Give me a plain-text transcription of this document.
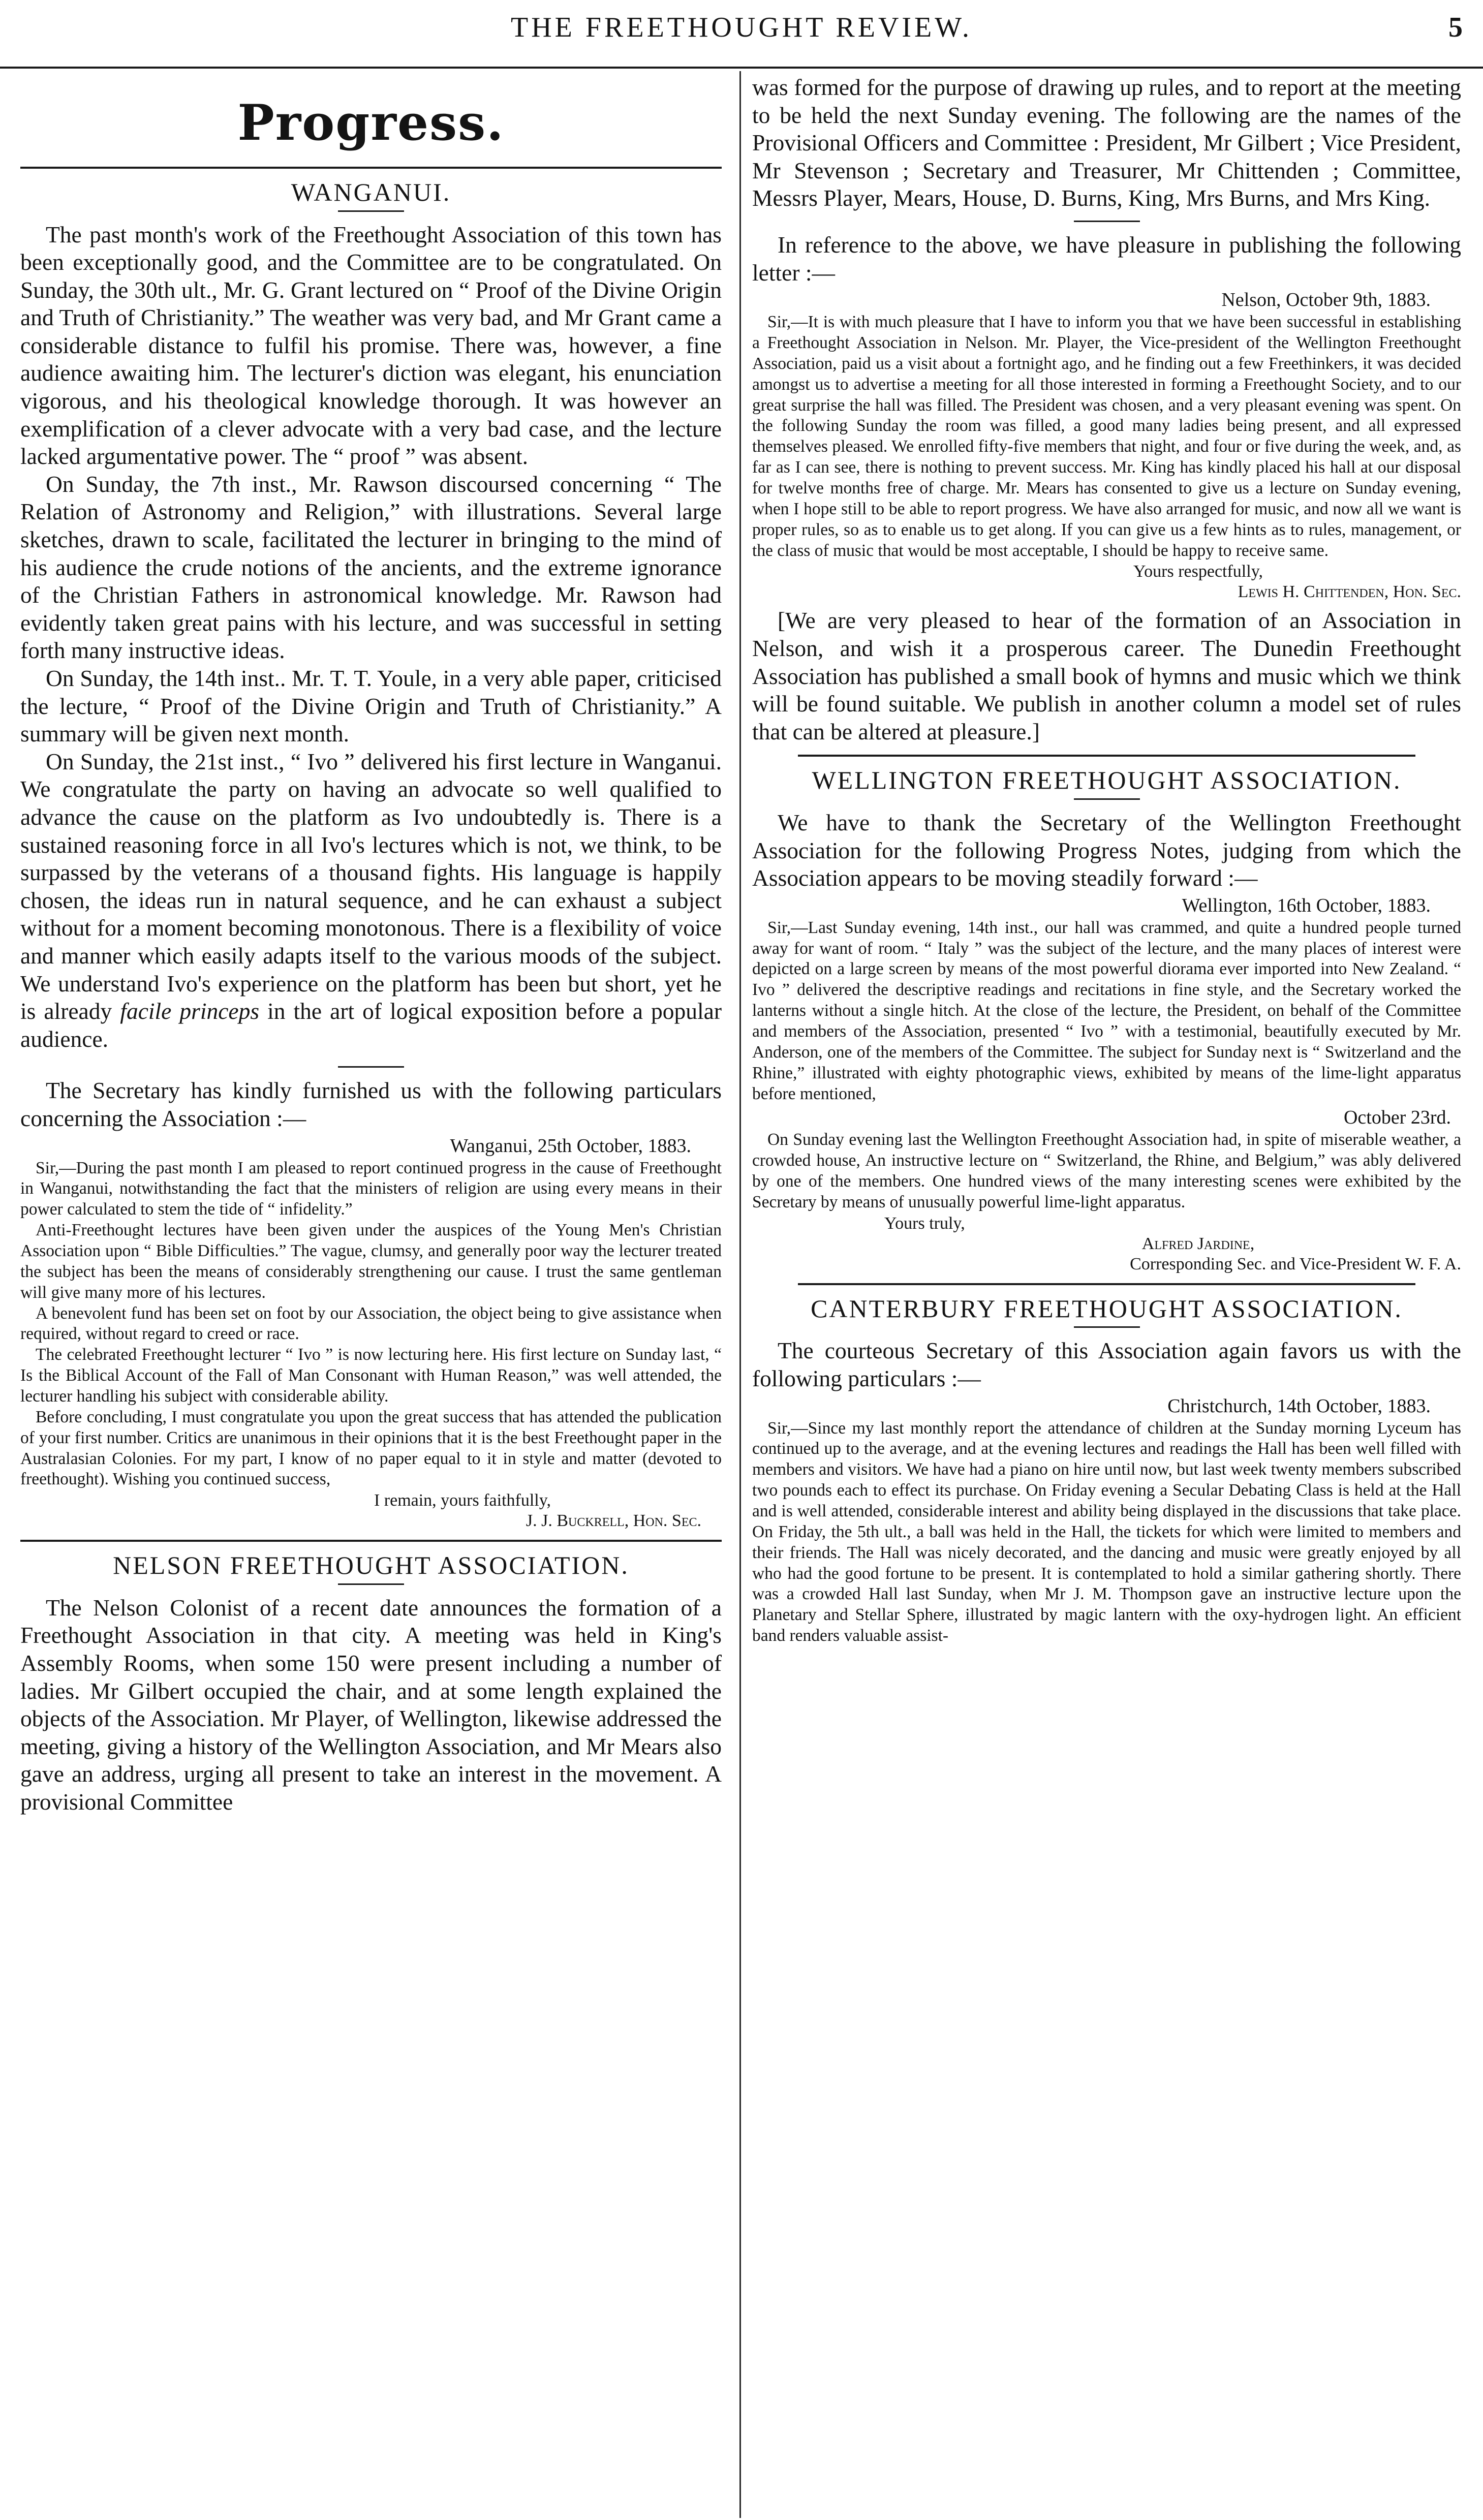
THE FREETHOUGHT REVIEW.	5
Progress.
WANGANUI.

The past month's work of the Freethought Association of this town has been exceptionally good, and the Committee are to be congratulated. On Sunday, the 30th ult., Mr. G. Grant lectured on “ Proof of the Divine Origin and Truth of Christianity.” The weather was very bad, and Mr Grant came a considerable distance to fulfil his promise. There was, however, a fine audience awaiting him. The lecturer's diction was elegant, his enunciation vigorous, and his theological knowledge thorough. It was however an exemplification of a clever advocate with a very bad case, and the lecture lacked argumentative power. The “ proof ” was absent.

On Sunday, the 7th inst., Mr. Rawson discoursed concerning “ The Relation of Astronomy and Religion,” with illustrations. Several large sketches, drawn to scale, facilitated the lecturer in bringing to the mind of his audience the crude notions of the ancients, and the extreme ignorance of the Christian Fathers in astronomical knowledge. Mr. Rawson had evidently taken great pains with his lecture, and was successful in setting forth many instructive ideas.

On Sunday, the 14th inst.. Mr. T. T. Youle, in a very able paper, criticised the lecture, “ Proof of the Divine Origin and Truth of Christianity.” A summary will be given next month.

On Sunday, the 21st inst., “ Ivo ” delivered his first lecture in Wanganui. We congratulate the party on having an advocate so well qualified to advance the cause on the platform as Ivo undoubtedly is. There is a sustained reasoning force in all Ivo's lectures which is not, we think, to be surpassed by the veterans of a thousand fights. His language is happily chosen, the ideas run in natural sequence, and he can exhaust a subject without for a moment becoming monotonous. There is a flexibility of voice and manner which easily adapts itself to the various moods of the subject. We understand Ivo's experience on the platform has been but short, yet he is already facile princeps in the art of logical exposition before a popular audience.

The Secretary has kindly furnished us with the following particulars concerning the Association :—

Wanganui, 25th October, 1883.

Sir,—During the past month I am pleased to report continued progress in the cause of Freethought in Wanganui, notwithstanding the fact that the ministers of religion are using every means in their power calculated to stem the tide of “ infidelity.”

Anti-Freethought lectures have been given under the auspices of the Young Men's Christian Association upon “ Bible Difficulties.” The vague, clumsy, and generally poor way the lecturer treated the subject has been the means of considerably strengthening our cause. I trust the same gentleman will give many more of his lectures.

A benevolent fund has been set on foot by our Association, the object being to give assistance when required, without regard to creed or race.

The celebrated Freethought lecturer “ Ivo ” is now lecturing here. His first lecture on Sunday last, “ Is the Biblical Account of the Fall of Man Consonant with Human Reason,” was well attended, the lecturer handling his subject with considerable ability.

Before concluding, I must congratulate you upon the great success that has attended the publication of your first number. Critics are unanimous in their opinions that it is the best Freethought paper in the Australasian Colonies. For my part, I know of no paper equal to it in style and matter (devoted to freethought). Wishing you continued success,

I remain, yours faithfully,
J. J. Buckrell, Hon. Sec.
NELSON FREETHOUGHT ASSOCIATION.

The Nelson Colonist of a recent date announces the formation of a Freethought Association in that city. A meeting was held in King's Assembly Rooms, when some 150 were present including a number of ladies. Mr Gilbert occupied the chair, and at some length explained the objects of the Association. Mr Player, of Wellington, likewise addressed the meeting, giving a history of the Wellington Association, and Mr Mears also gave an address, urging all present to take an interest in the movement. A provisional Committee

was formed for the purpose of drawing up rules, and to report at the meeting to be held the next Sunday evening. The following are the names of the Provisional Officers and Committee : President, Mr Gilbert ; Vice President, Mr Stevenson ; Secretary and Treasurer, Mr Chittenden ; Committee, Messrs Player, Mears, House, D. Burns, King, Mrs Burns, and Mrs King.

In reference to the above, we have pleasure in publishing the following letter :—

Nelson, October 9th, 1883.

Sir,—It is with much pleasure that I have to inform you that we have been successful in establishing a Freethought Association in Nelson. Mr. Player, the Vice-president of the Wellington Freethought Association, paid us a visit about a fortnight ago, and he finding out a few Freethinkers, it was decided amongst us to advertise a meeting for all those interested in forming a Freethought Society, and to our great surprise the hall was filled. The President was chosen, and a very pleasant evening was spent. On the following Sunday the room was filled, a good many ladies being present, and all expressed themselves pleased. We enrolled fifty-five members that night, and four or five during the week, and, as far as I can see, there is nothing to prevent success. Mr. King has kindly placed his hall at our disposal for twelve months free of charge. Mr. Mears has consented to give us a lecture on Sunday evening, when I hope still to be able to report progress. We have also arranged for music, and now all we want is proper rules, so as to enable us to get along. If you can give us a few hints as to rules, management, or the class of music that would be most acceptable, I should be happy to receive same.

Yours respectfully,
Lewis H. Chittenden, Hon. Sec.

[We are very pleased to hear of the formation of an Association in Nelson, and wish it a prosperous career. The Dunedin Freethought Association has published a small book of hymns and music which we think will be found suitable. We publish in another column a model set of rules that can be altered at pleasure.]

WELLINGTON FREETHOUGHT ASSOCIATION.

We have to thank the Secretary of the Wellington Freethought Association for the following Progress Notes, judging from which the Association appears to be moving steadily forward :—

Wellington, 16th October, 1883.

Sir,—Last Sunday evening, 14th inst., our hall was crammed, and quite a hundred people turned away for want of room. “ Italy ” was the subject of the lecture, and the many places of interest were depicted on a large screen by means of the most powerful diorama ever imported into New Zealand. “ Ivo ” delivered the descriptive readings and recitations in fine style, and the Secretary worked the lanterns without a single hitch. At the close of the lecture, the President, on behalf of the Committee and members of the Association, presented “ Ivo ” with a testimonial, beautifully executed by Mr. Anderson, one of the members of the Committee. The subject for Sunday next is “ Switzerland and the Rhine,” illustrated with eighty photographic views, exhibited by means of the lime-light apparatus before mentioned,

October 23rd.

On Sunday evening last the Wellington Freethought Association had, in spite of miserable weather, a crowded house, An instructive lecture on “ Switzerland, the Rhine, and Belgium,” was ably delivered by one of the members. One hundred views of the many interesting scenes were exhibited by the Secretary by means of unusually powerful lime-light apparatus.

Yours truly,
Alfred Jardine,
Corresponding Sec. and Vice-President W. F. A.
CANTERBURY FREETHOUGHT ASSOCIATION.

The courteous Secretary of this Association again favors us with the following particulars :—

Christchurch, 14th October, 1883.

Sir,—Since my last monthly report the attendance of children at the Sunday morning Lyceum has continued up to the average, and at the evening lectures and readings the Hall has been well filled with members and visitors. We have had a piano on hire until now, but last week twenty members subscribed two pounds each to effect its purchase. On Friday evening a Secular Debating Class is held at the Hall and is well attended, considerable interest and ability being displayed in the discussions that take place. On Friday, the 5th ult., a ball was held in the Hall, the tickets for which were limited to members and their friends. The Hall was nicely decorated, and the dancing and music were greatly enjoyed by all who had the good fortune to be present. It is contemplated to hold a similar gathering shortly. There was a crowded Hall last Sunday, when Mr J. M. Thompson gave an instructive lecture upon the Planetary and Stellar Sphere, illustrated by magic lantern with the oxy-hydrogen light. An efficient band renders valuable assist-
